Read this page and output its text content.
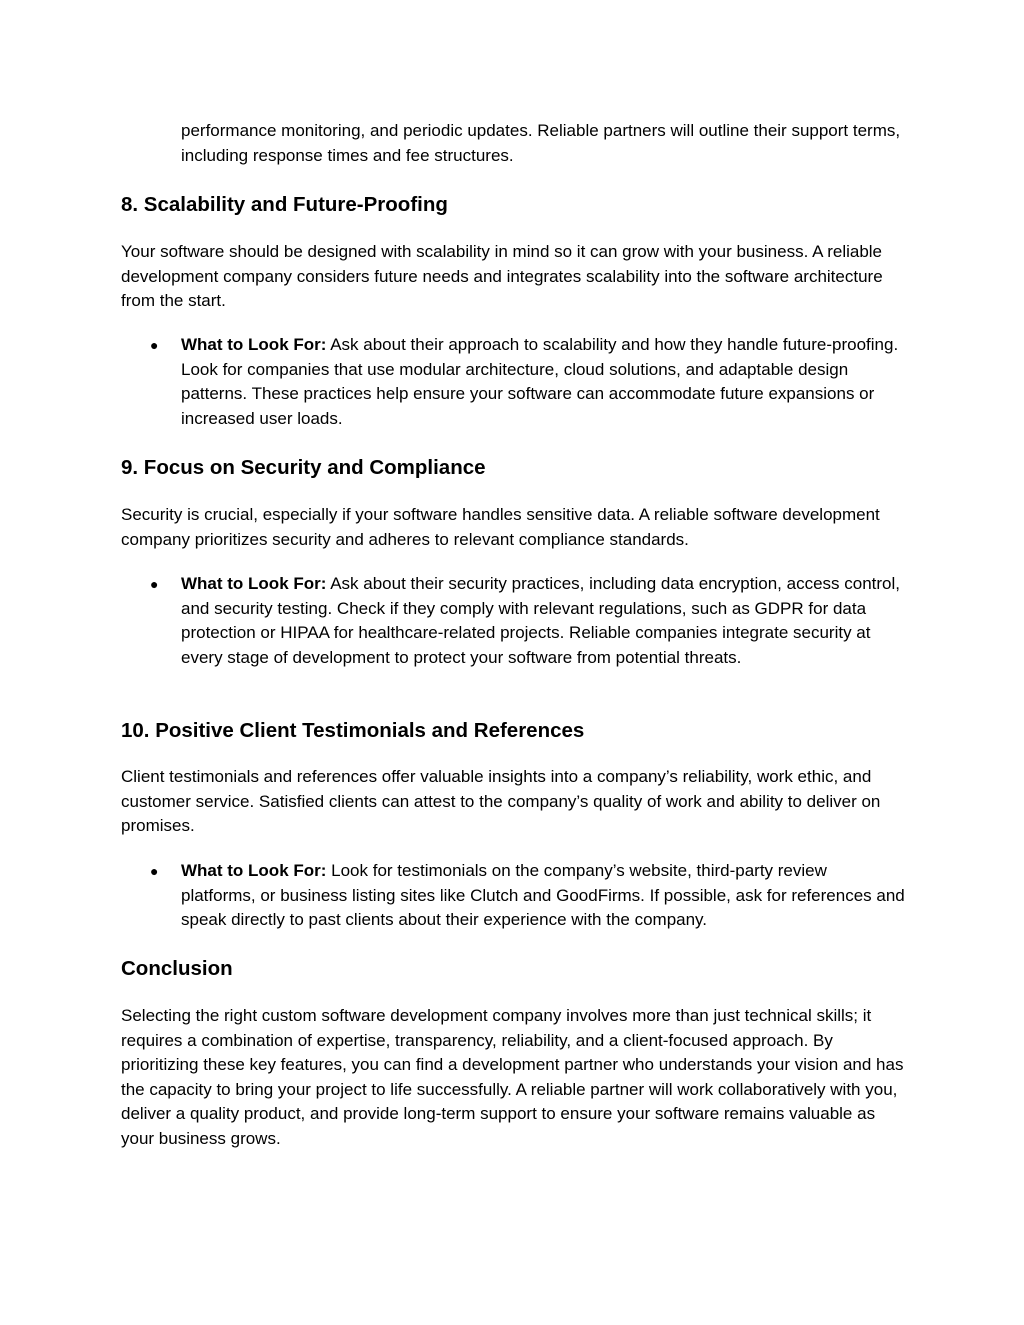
performance monitoring, and periodic updates. Reliable partners will outline their support terms, including response times and fee structures.

8. Scalability and Future-Proofing

Your software should be designed with scalability in mind so it can grow with your business. A reliable development company considers future needs and integrates scalability into the software architecture from the start.

● What to Look For: Ask about their approach to scalability and how they handle future-proofing. Look for companies that use modular architecture, cloud solutions, and adaptable design patterns. These practices help ensure your software can accommodate future expansions or increased user loads.
9. Focus on Security and Compliance

Security is crucial, especially if your software handles sensitive data. A reliable software development company prioritizes security and adheres to relevant compliance standards.

● What to Look For: Ask about their security practices, including data encryption, access control, and security testing. Check if they comply with relevant regulations, such as GDPR for data protection or HIPAA for healthcare-related projects. Reliable companies integrate security at every stage of development to protect your software from potential threats.
10. Positive Client Testimonials and References

Client testimonials and references offer valuable insights into a company’s reliability, work ethic, and customer service. Satisfied clients can attest to the company’s quality of work and ability to deliver on promises.

● What to Look For: Look for testimonials on the company’s website, third-party review platforms, or business listing sites like Clutch and GoodFirms. If possible, ask for references and speak directly to past clients about their experience with the company.
Conclusion

Selecting the right custom software development company involves more than just technical skills; it requires a combination of expertise, transparency, reliability, and a client-focused approach. By prioritizing these key features, you can find a development partner who understands your vision and has the capacity to bring your project to life successfully. A reliable partner will work collaboratively with you, deliver a quality product, and provide long-term support to ensure your software remains valuable as your business grows.
